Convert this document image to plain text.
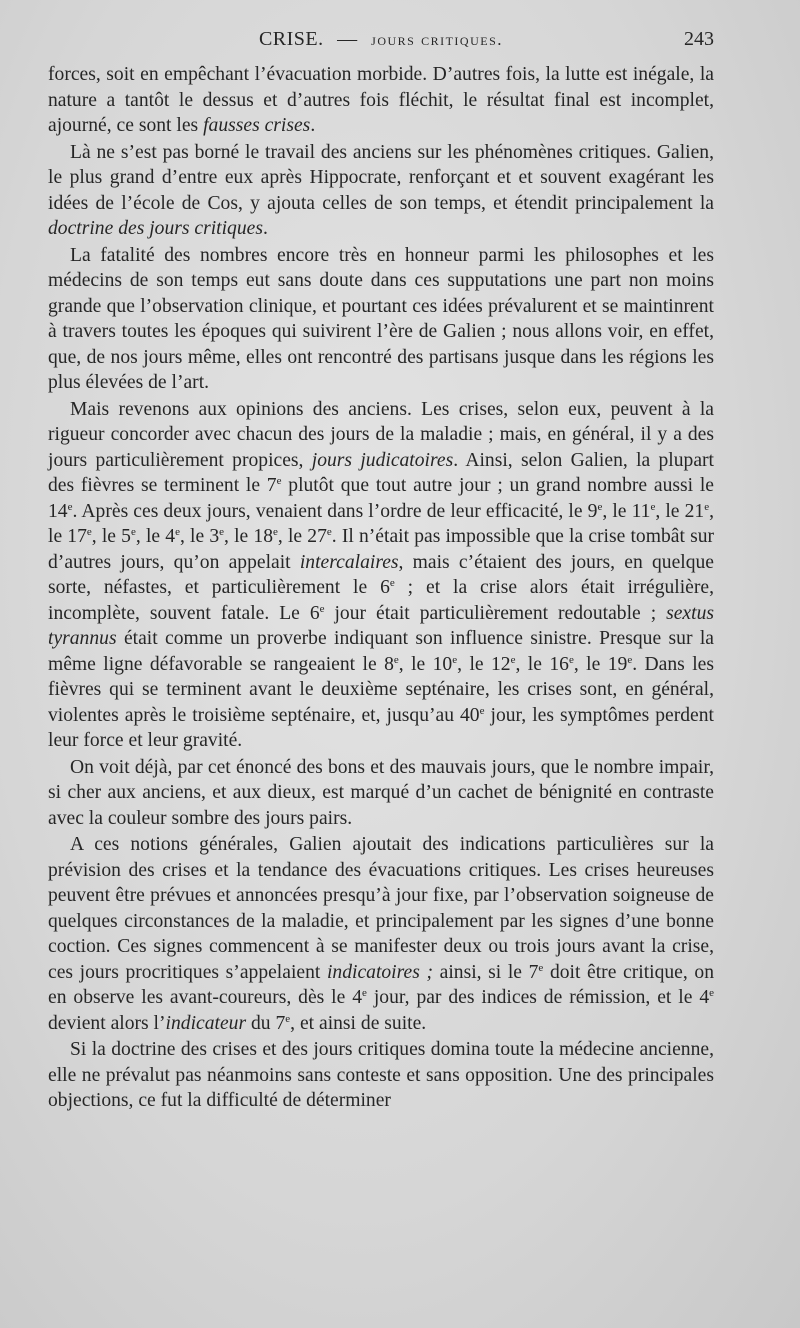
CRISE. — jours critiques.	243

forces, soit en empêchant l’évacuation morbide. D’autres fois, la lutte est inégale, la nature a tantôt le dessus et d’autres fois fléchit, le résultat final est incomplet, ajourné, ce sont les fausses crises.

Là ne s’est pas borné le travail des anciens sur les phénomènes critiques. Galien, le plus grand d’entre eux après Hippocrate, renforçant et et souvent exagérant les idées de l’école de Cos, y ajouta celles de son temps, et étendit principalement la doctrine des jours critiques.

La fatalité des nombres encore très en honneur parmi les philosophes et les médecins de son temps eut sans doute dans ces supputations une part non moins grande que l’observation clinique, et pourtant ces idées prévalurent et se maintinrent à travers toutes les époques qui suivirent l’ère de Galien ; nous allons voir, en effet, que, de nos jours même, elles ont rencontré des partisans jusque dans les régions les plus élevées de l’art.

Mais revenons aux opinions des anciens. Les crises, selon eux, peuvent à la rigueur concorder avec chacun des jours de la maladie ; mais, en général, il y a des jours particulièrement propices, jours judicatoires. Ainsi, selon Galien, la plupart des fièvres se terminent le 7e plutôt que tout autre jour ; un grand nombre aussi le 14e. Après ces deux jours, venaient dans l’ordre de leur efficacité, le 9e, le 11e, le 21e, le 17e, le 5e, le 4e, le 3e, le 18e, le 27e. Il n’était pas impossible que la crise tombât sur d’autres jours, qu’on appelait intercalaires, mais c’étaient des jours, en quelque sorte, néfastes, et particulièrement le 6e ; et la crise alors était irrégulière, incomplète, souvent fatale. Le 6e jour était particulièrement redoutable ; sextus tyrannus était comme un proverbe indiquant son influence sinistre. Presque sur la même ligne défavorable se rangeaient le 8e, le 10e, le 12e, le 16e, le 19e. Dans les fièvres qui se terminent avant le deuxième septénaire, les crises sont, en général, violentes après le troisième septénaire, et, jusqu’au 40e jour, les symptômes perdent leur force et leur gravité.

On voit déjà, par cet énoncé des bons et des mauvais jours, que le nombre impair, si cher aux anciens, et aux dieux, est marqué d’un cachet de bénignité en contraste avec la couleur sombre des jours pairs.

A ces notions générales, Galien ajoutait des indications particulières sur la prévision des crises et la tendance des évacuations critiques. Les crises heureuses peuvent être prévues et annoncées presqu’à jour fixe, par l’observation soigneuse de quelques circonstances de la maladie, et principalement par les signes d’une bonne coction. Ces signes commencent à se manifester deux ou trois jours avant la crise, ces jours procritiques s’appelaient indicatoires ; ainsi, si le 7e doit être critique, on en observe les avant-coureurs, dès le 4e jour, par des indices de rémission, et le 4e devient alors l’indicateur du 7e, et ainsi de suite.

Si la doctrine des crises et des jours critiques domina toute la médecine ancienne, elle ne prévalut pas néanmoins sans conteste et sans opposition. Une des principales objections, ce fut la difficulté de déterminer
